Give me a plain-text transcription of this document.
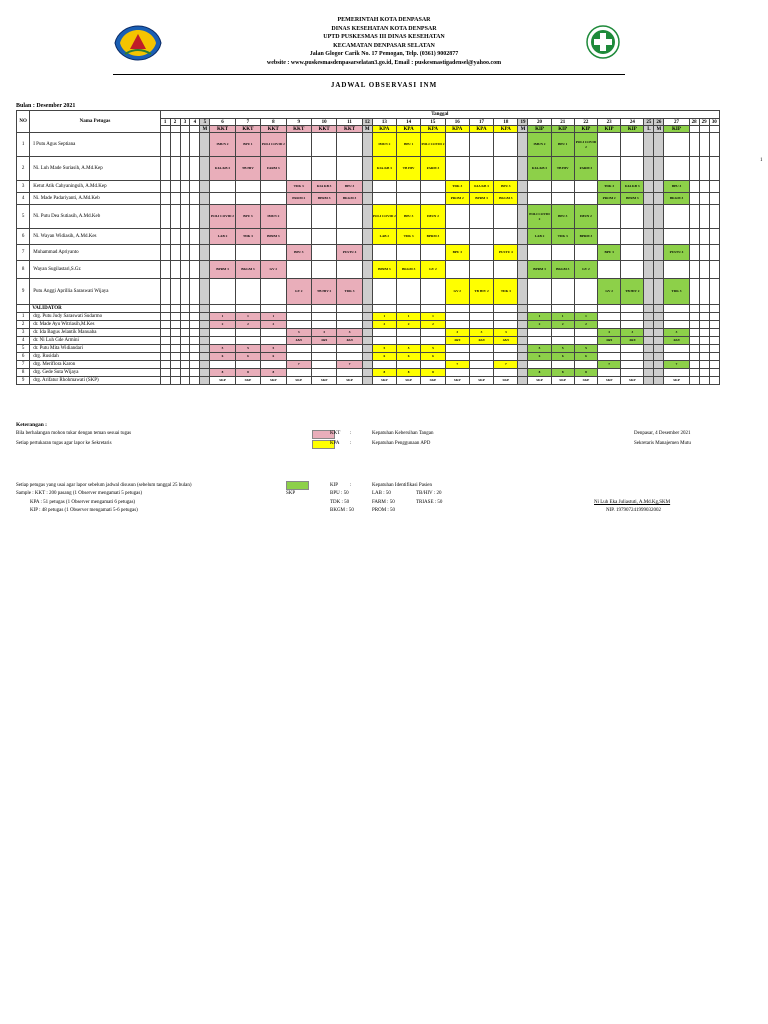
PEMERINTAH KOTA DENPASAR
DINAS KESEHATAN KOTA DENPSAR
UPTD PUSKESMAS III DINAS KESEHATAN
KECAMATAN DENPASAR SELATAN
Jalan Glogor Carik No. 17 Pemogan, Telp. (0361) 9002877
website : www.puskesmasdenpasarselatan3.go.id, Email : puskesmastigadensel@yahoo.com
JADWAL OBSERVASI INM
Bulan : Desember 2021
1
NO	Nama Petugas	Tanggal																													
		1	2	3	4	5	6	7	8	9	10	11	12	13	14	15	16	17	18	19	20	21	22	23	24	25	26	27	28	29	30
						M	KKT	KKT	KKT	KKT	KKT	KKT	M	KPA	KPA	KPA	KPA	KPA	KPA	M	KIP	KIP	KIP	KIP	KIP	L	M	KIP			
1	I Putu Agus Septiana						IMUN 2	BPU 1	POLI COVID 2					IMUN 2	BPU 1	POLI COVID 2					IMUN 2	BPU 1	POLI COVID 2								
2	Ni. Luh Made Suriasih, A.Md.Kep						KIA-KB 3	TB HIV	FARM 3					KIA-KB 3	TB HIV	FARM 3					KIA-KB 3	TB HIV	FARM 3								
3	Ketut Atik Cahyaningsih, A.Md.Kep									TDK 3	KIA KB 3	BPU 3					TDK 3	KIA KB 3	BPU 3					TDK 3	KIA KB 3			BPU 3			
4	Ni. Made Padariyanti, A.Md.Keb									PROM 2	BPRM 3	BKGM 3					PROM 2	BPRM 3	BKGM 3					PROM 2	BPRM 3			BKGM 3			
5	Ni. Putu Dea Sutiasih, A.Md.Keb						POLI COVID 2	BPU 3	IMUN 2					POLI COVID 2	BPU 3	IMUN 2					POLI COVID 2	BPU 3	IMUN 2								
6	Ni. Wayan Widiasih, A.Md.Kes						LAB 2	TDK 3	BPRM 3					LAB 2	TDK 3	BPRM 3					LAB 2	TDK 3	BPRM 3								
7	Muhammad Apriyanto									BPU 3		PUSTU 4					BPU 3		PUSTU 4					BPU 3				PUSTU 4			
8	Wayan Sugilastari,S.Gz						BPRM 3	BKGM 3	GV 2					BPRM 3	BKGM 3	GV 2					BPRM 3	BKGM 3	GV 2								
9	Putu Anggi Aprillia Saraswati Wijaya									GV 2	TB HIV 2	TDK 3					GV 2	TB HIV 2	TDK 3					GV 2	TB HIV 2			TDK 3			
	VALIDATOR																														
1	drg. Putu Judy Saraswati Sudarmo						1	1	1					1	1	1					1	1	1								
2	dr. Made Ayu Witriasih,M.Kes						2	2	2					2	2	2					2	2	2								
3	dr. Ida Bagus Jelantik Manuaba									3	3	3					3	3	3					3	3			3			
4	dr. Ni Luh Gde Armini									4&9	4&9	4&9					4&9	4&9	4&9					4&9	4&9			4&9			
5	dr. Putu Mita Widiandari						5	5	5					5	5	5					5	5	5								
6	drg. Rusidah						6	6	6					6	6	6					6	6	6								
7	drg. Meriflora Karon									7		7					7		7					7				7			
8	drg. Gede Suta Wijaya						8	8	8					8	8	8					8	8	8								
9	drg. Arifatur Rhohmawati (SKP)						SKP	SKP	SKP	SKP	SKP	SKP		SKP	SKP	SKP	SKP	SKP	SKP		SKP	SKP	SKP	SKP	SKP			SKP			
Keterangan :
Bila berhalangan mohon tukar dengan teman sesuai tugas
Setiap pertukaran tugas agar lapor ke Sekretaris
KKT :	Kepatuhan Kebersihan Tangan
KPA :	Kepatuhan Penggunaan APD
Denpasar, 4 Desember 2021
Sekretaris Manajemen Mutu
KIP :	Kepatuhan Identifikasi Pasien
Setiap petugas yang usai agar lapor sebelum jadwal disusun (sebelum tanggal 25 bulan)
Sample : KKT : 200 pasang (1 Observer mengamati 5 petugas)
KPA : 51 petugas (1 Observer mengamati 6 petugas)
KIP : 48 petugas (1 Observer mengamati 5-6 petugas)
SKP	BPU : 50	LAB : 50	TB/HIV : 20
TDK : 50	FARM : 50	TRIASE : 50
BKGM : 50	PROM : 50
Ni Luh Eka Juliastuti, A.Md.Kg,SKM
NIP. 197907241999032002
